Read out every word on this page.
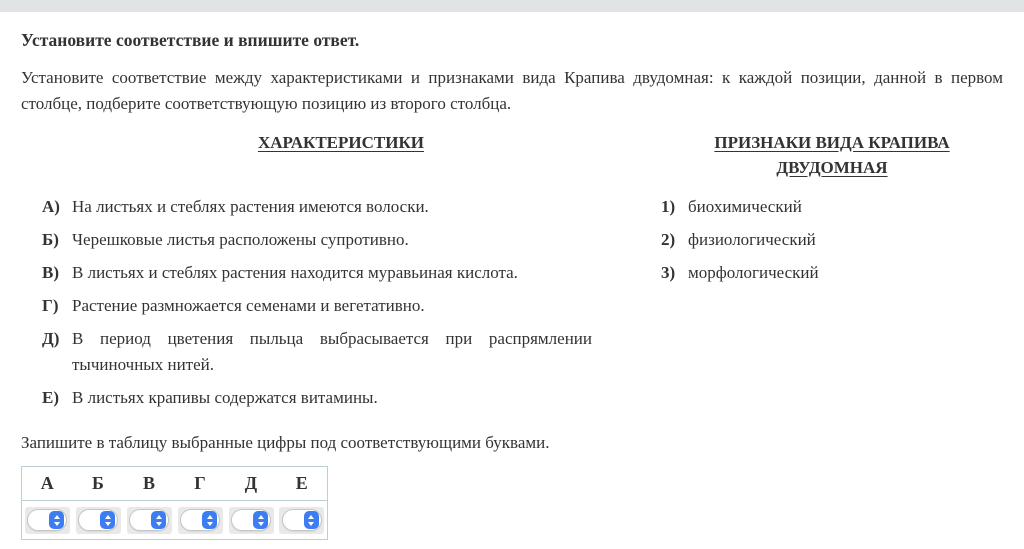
Установите соответствие и впишите ответ.

Установите соответствие между характеристиками и признаками вида Крапива двудомная: к каждой позиции, данной в первом столбце, подберите соответствующую позицию из второго столбца.

ХАРАКТЕРИСТИКИ	ПРИЗНАКИ ВИДА КРАПИВА ДВУДОМНАЯ
А) На листьях и стеблях растения имеются волоски.
Б) Черешковые листья расположены супротивно.
В) В листьях и стеблях растения находится муравьиная кислота.
Г) Растение размножается семенами и вегетативно.
Д) В период цветения пыльца выбрасывается при распрямлении тычиночных нитей.
Е) В листьях крапивы содержатся витамины.
1) биохимический
2) физиологический
3) морфологический
Запишите в таблицу выбранные цифры под соответствующими буквами.
А	Б	В	Г	Д	Е
